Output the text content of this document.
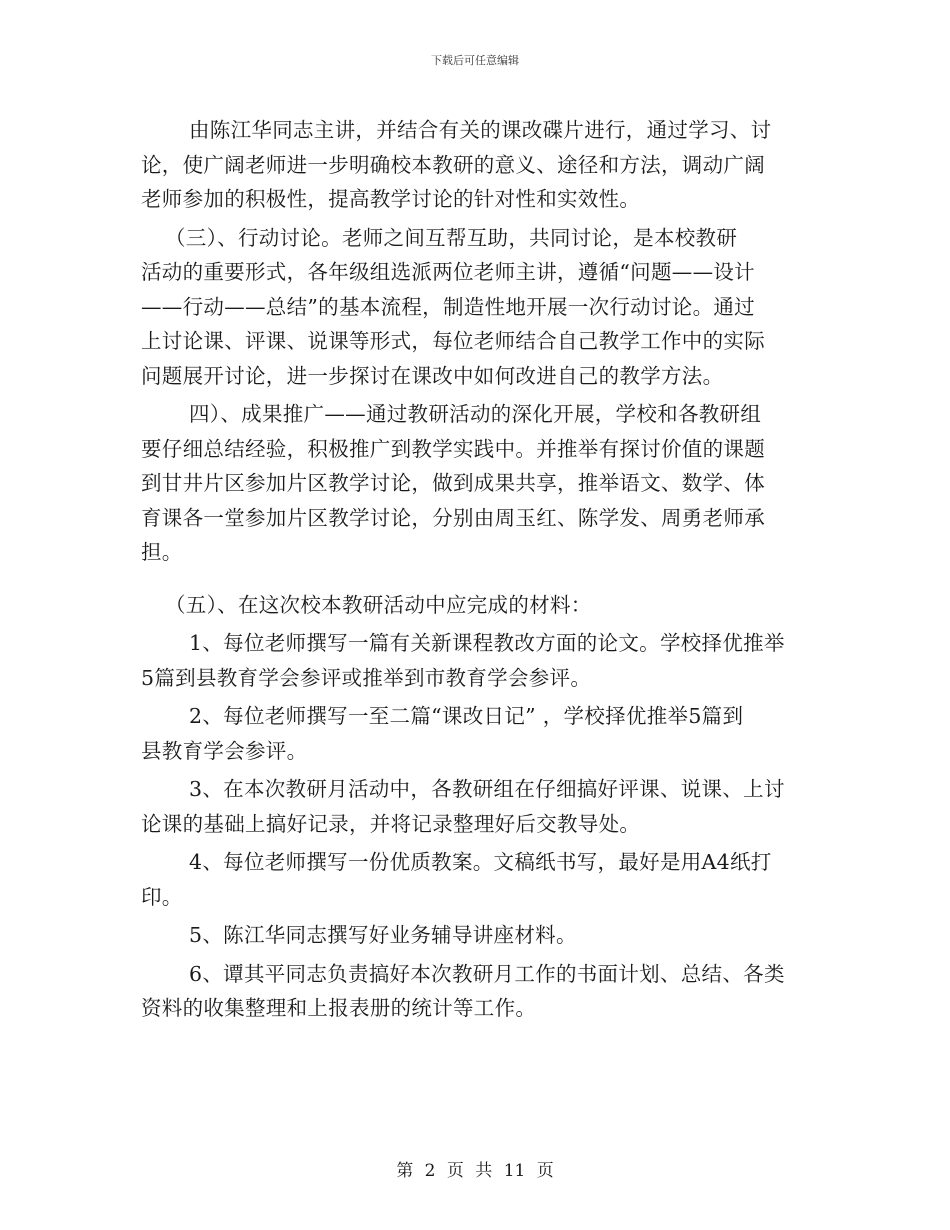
下载后可任意编辑
由陈江华同志主讲，并结合有关的课改碟片进行，通过学习、讨
论，使广阔老师进一步明确校本教研的意义、途径和方法，调动广阔
老师参加的积极性，提高教学讨论的针对性和实效性。
（三）、行动讨论。老师之间互帮互助，共同讨论，是本校教研
活动的重要形式，各年级组选派两位老师主讲，遵循“问题——设计
——行动——总结”的基本流程，制造性地开展一次行动讨论。通过
上讨论课、评课、说课等形式，每位老师结合自己教学工作中的实际
问题展开讨论，进一步探讨在课改中如何改进自己的教学方法。
四）、成果推广——通过教研活动的深化开展，学校和各教研组
要仔细总结经验，积极推广到教学实践中。并推举有探讨价值的课题
到甘井片区参加片区教学讨论，做到成果共享，推举语文、数学、体
育课各一堂参加片区教学讨论，分别由周玉红、陈学发、周勇老师承
担。
（五）、在这次校本教研活动中应完成的材料：
1、每位老师撰写一篇有关新课程教改方面的论文。学校择优推举
5篇到县教育学会参评或推举到市教育学会参评。
2、每位老师撰写一至二篇“课改日记” ，学校择优推举5篇到
县教育学会参评。
3、在本次教研月活动中，各教研组在仔细搞好评课、说课、上讨
论课的基础上搞好记录，并将记录整理好后交教导处。
4、每位老师撰写一份优质教案。文稿纸书写，最好是用A4纸打
印。
5、陈江华同志撰写好业务辅导讲座材料。
6、谭其平同志负责搞好本次教研月工作的书面计划、总结、各类
资料的收集整理和上报表册的统计等工作。
第 2 页 共 11 页
